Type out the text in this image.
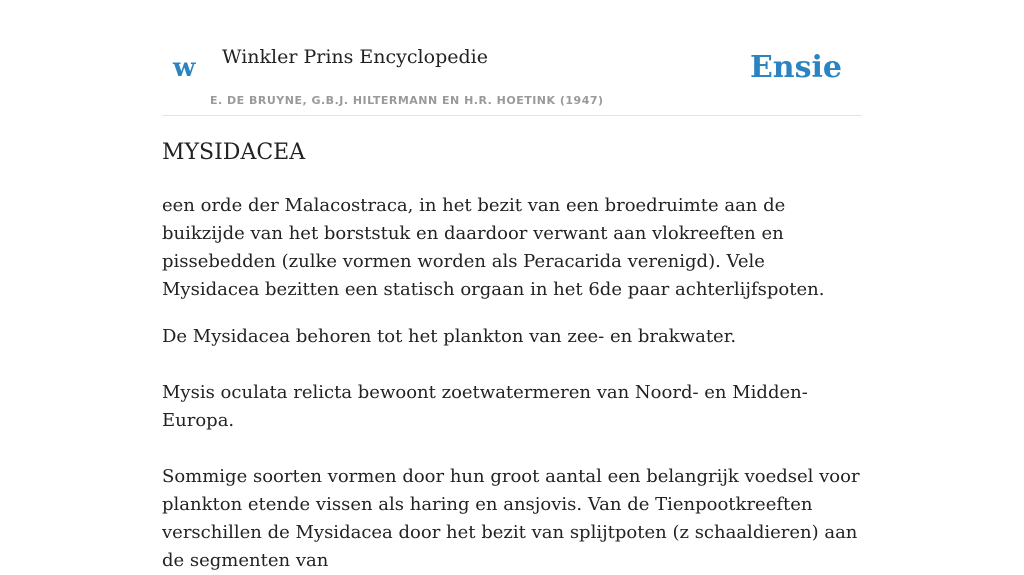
w Winkler Prins Encyclopedie
E. DE BRUYNE, G.B.J. HILTERMANN EN H.R. HOETINK (1947)
Ensie
MYSIDACEA

een orde der Malacostraca, in het bezit van een broedruimte aan de buikzijde van het borststuk en daardoor verwant aan vlokreeften en pissebedden (zulke vormen worden als Peracarida verenigd). Vele Mysidacea bezitten een statisch orgaan in het 6de paar achterlijfspoten.

De Mysidacea behoren tot het plankton van zee- en brakwater.

Mysis oculata relicta bewoont zoetwatermeren van Noord- en Midden-Europa.

Sommige soorten vormen door hun groot aantal een belangrijk voedsel voor plankton etende vissen als haring en ansjovis. Van de Tienpootkreeften verschillen de Mysidacea door het bezit van splijtpoten (z schaaldieren) aan de segmenten van
